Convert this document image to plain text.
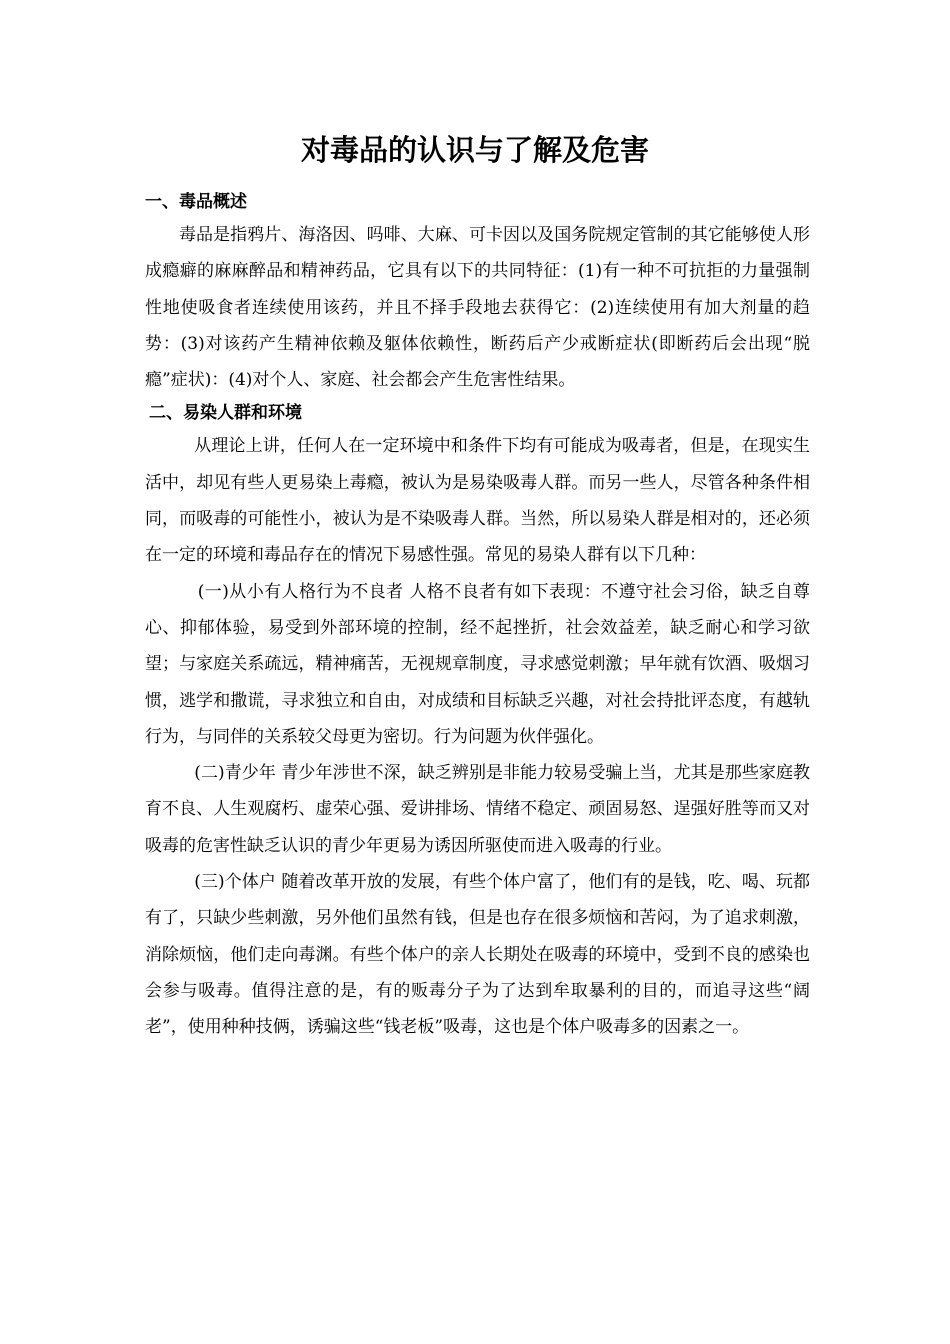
对毒品的认识与了解及危害
一、毒品概述

毒品是指鸦片、海洛因、吗啡、大麻、可卡因以及国务院规定管制的其它能够使人形成瘾癖的麻麻醉品和精神药品，它具有以下的共同特征：(1)有一种不可抗拒的力量强制性地使吸食者连续使用该药，并且不择手段地去获得它：(2)连续使用有加大剂量的趋势：(3)对该药产生精神依赖及躯体依赖性，断药后产少戒断症状(即断药后会出现“脱瘾”症状)：(4)对个人、家庭、社会都会产生危害性结果。

二、易染人群和环境

从理论上讲，任何人在一定环境中和条件下均有可能成为吸毒者，但是，在现实生活中，却见有些人更易染上毒瘾，被认为是易染吸毒人群。而另一些人，尽管各种条件相同，而吸毒的可能性小，被认为是不染吸毒人群。当然，所以易染人群是相对的，还必须在一定的环境和毒品存在的情况下易感性强。常见的易染人群有以下几种：

(一)从小有人格行为不良者 人格不良者有如下表现：不遵守社会习俗，缺乏自尊心、抑郁体验，易受到外部环境的控制，经不起挫折，社会效益差，缺乏耐心和学习欲望；与家庭关系疏远，精神痛苦，无视规章制度，寻求感觉刺激；早年就有饮酒、吸烟习惯，逃学和撒谎，寻求独立和自由，对成绩和目标缺乏兴趣，对社会持批评态度，有越轨行为，与同伴的关系较父母更为密切。行为问题为伙伴强化。

(二)青少年 青少年涉世不深，缺乏辨别是非能力较易受骗上当，尤其是那些家庭教育不良、人生观腐朽、虚荣心强、爱讲排场、情绪不稳定、顽固易怒、逞强好胜等而又对吸毒的危害性缺乏认识的青少年更易为诱因所驱使而进入吸毒的行业。

(三)个体户 随着改革开放的发展，有些个体户富了，他们有的是钱，吃、喝、玩都有了，只缺少些刺激，另外他们虽然有钱，但是也存在很多烦恼和苦闷，为了追求刺激，消除烦恼，他们走向毒渊。有些个体户的亲人长期处在吸毒的环境中，受到不良的感染也会参与吸毒。值得注意的是，有的贩毒分子为了达到牟取暴利的目的，而追寻这些“阔老”，使用种种技俩，诱骗这些“钱老板”吸毒，这也是个体户吸毒多的因素之一。
